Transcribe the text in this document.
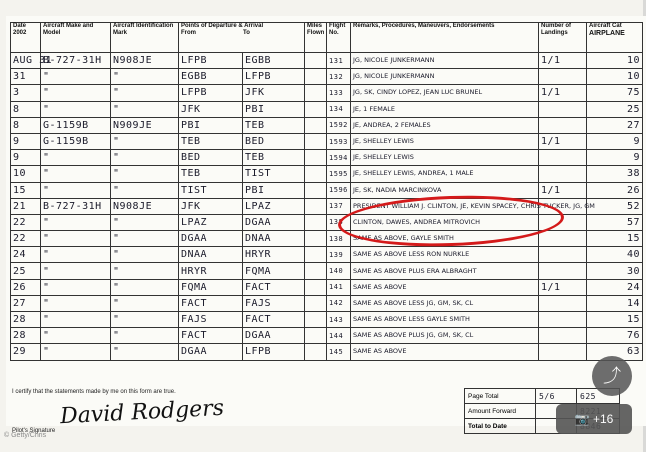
Date
2002	Aircraft Make and Model	Aircraft Identification Mark	Points of Departure & Arrival
From To		Miles Flown	Flight No.	Remarks, Procedures, Maneuvers, Endorsements	Number of Landings	Aircraft Cat
AIRPLANE
AUG 31	B-727-31H	N908JE	LFPB	EGBB		131	JG, NICOLE JUNKERMANN	1/1	10
31	"	"	EGBB	LFPB		132	JG, NICOLE JUNKERMANN		10
3	"	"	LFPB	JFK		133	JG, SK, CINDY LOPEZ, JEAN LUC BRUNEL	1/1	75
8	"	"	JFK	PBI		134	JE, 1 FEMALE		25
8	G-1159B	N909JE	PBI	TEB		1592	JE, ANDREA, 2 FEMALES		27
9	G-1159B	"	TEB	BED		1593	JE, SHELLEY LEWIS	1/1	9
9	"	"	BED	TEB		1594	JE, SHELLEY LEWIS		9
10	"	"	TEB	TIST		1595	JE, SHELLEY LEWIS, ANDREA, 1 MALE		38
15	"	"	TIST	PBI		1596	JE, SK, NADIA MARCINKOVA	1/1	26
21	B-727-31H	N908JE	JFK	LPAZ		137	PRESIDENT WILLIAM J. CLINTON, JE, KEVIN SPACEY, CHRIS TUCKER, JG, GM		52
22	"	"	LPAZ	DGAA		138	CLINTON, DAWES, ANDREA MITROVICH		57
22	"	"	DGAA	DNAA		138	SAME AS ABOVE, GAYLE SMITH		15
24	"	"	DNAA	HRYR		139	SAME AS ABOVE LESS RON NURKLE		40
25	"	"	HRYR	FQMA		140	SAME AS ABOVE PLUS ERA ALBRAGHT		30
26	"	"	FQMA	FACT		141	SAME AS ABOVE	1/1	24
27	"	"	FACT	FAJS		142	SAME AS ABOVE LESS JG, GM, SK, CL		14
28	"	"	FAJS	FACT		143	SAME AS ABOVE LESS GAYLE SMITH		15
28	"	"	FACT	DGAA		144	SAME AS ABOVE PLUS JG, GM, SK, CL		76
29	"	"	DGAA	LFPB		145	SAME AS ABOVE		63
I certify that the statements made by me on this form are true.
Pilot's Signature
David Rodgers	Page Total	5/6	625
Amount Forward		
Total to Date		
© Getty/Chris
⤴
📷 +16
